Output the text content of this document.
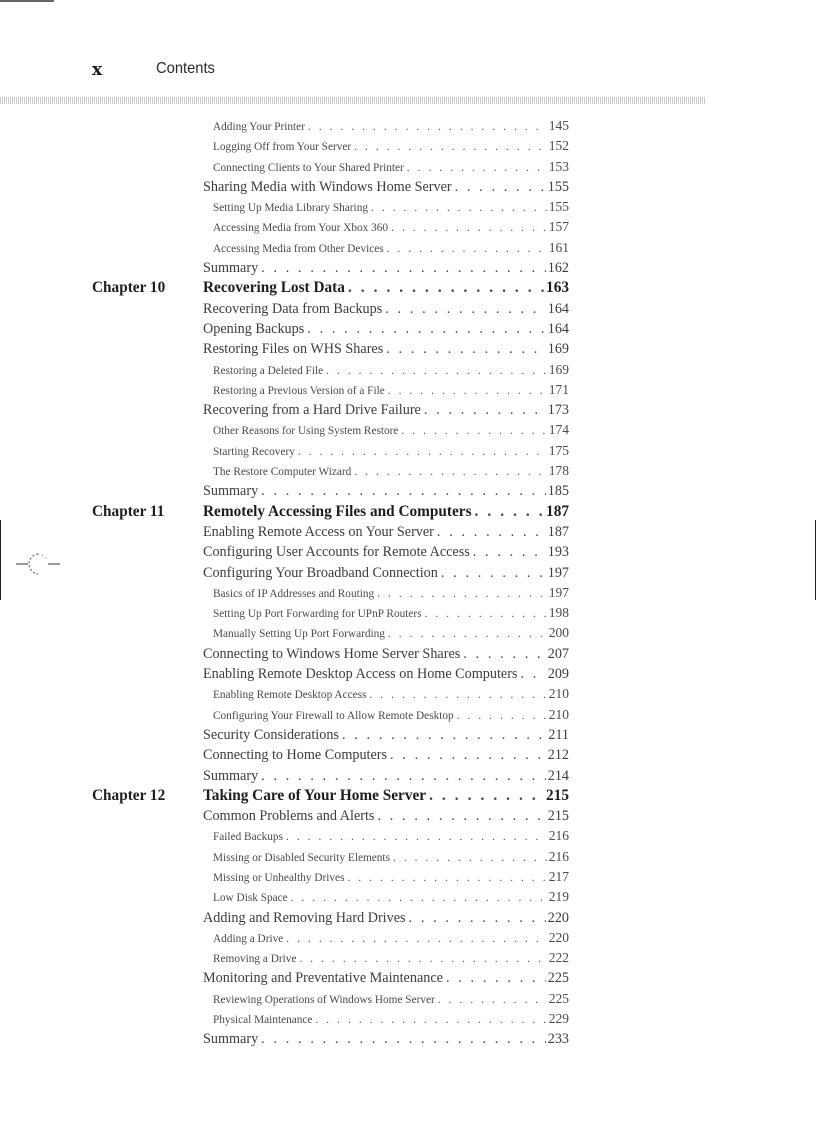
x	Contents
Adding Your Printer . . .	145
Logging Off from Your Server . . .	152
Connecting Clients to Your Shared Printer . . .	153
Sharing Media with Windows Home Server . . .	155
Setting Up Media Library Sharing . . .	155
Accessing Media from Your Xbox 360 . . .	157
Accessing Media from Other Devices . . .	161
Summary . . .	162
Chapter 10 Recovering Lost Data . . .	163
Recovering Data from Backups . . .	164
Opening Backups . . .	164
Restoring Files on WHS Shares . . .	169
Restoring a Deleted File . . .	169
Restoring a Previous Version of a File . . .	171
Recovering from a Hard Drive Failure . . .	173
Other Reasons for Using System Restore . . .	174
Starting Recovery . . .	175
The Restore Computer Wizard . . .	178
Summary . . .	185
Chapter 11	Remotely Accessing Files and Computers . . .	187
Enabling Remote Access on Your Server . . .	187
Configuring User Accounts for Remote Access . . .	193
Configuring Your Broadband Connection . . .	197
Basics of IP Addresses and Routing . . .	197
Setting Up Port Forwarding for UPnP Routers . . .	198
Manually Setting Up Port Forwarding . . .	200
Connecting to Windows Home Server Shares . . .	207
Enabling Remote Desktop Access on Home Computers . . . 209
Enabling Remote Desktop Access . . .	210
Configuring Your Firewall to Allow Remote Desktop . . .	210
Security Considerations . . .	211
Connecting to Home Computers . . .	212
Summary . . .	214
Chapter 12 Taking Care of Your Home Server . . .	215
Common Problems and Alerts . . .	215
Failed Backups . . .	216
Missing or Disabled Security Elements . . .	216
Missing or Unhealthy Drives . . .	217
Low Disk Space . . .	219
Adding and Removing Hard Drives . . .	220
Adding a Drive . . .	220
Removing a Drive . . .	222
Monitoring and Preventative Maintenance . . .	225
Reviewing Operations of Windows Home Server . . .	225
Physical Maintenance . . .	229
Summary . . .	233
